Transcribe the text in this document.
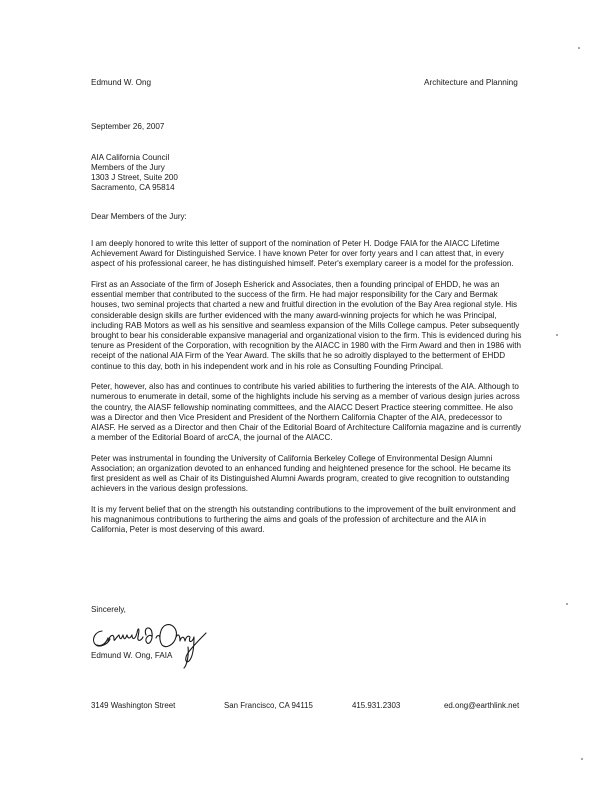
Edmund W. Ong	Architecture and Planning
September 26, 2007
AIA California Council
Members of the Jury
1303 J Street, Suite 200
Sacramento, CA 95814
Dear Members of the Jury:

I am deeply honored to write this letter of support of the nomination of Peter H. Dodge FAIA for the AIACC Lifetime Achievement Award for Distinguished Service. I have known Peter for over forty years and I can attest that, in every aspect of his professional career, he has distinguished himself. Peter's exemplary career is a model for the profession.

First as an Associate of the firm of Joseph Esherick and Associates, then a founding principal of EHDD, he was an essential member that contributed to the success of the firm. He had major responsibility for the Cary and Bermak houses, two seminal projects that charted a new and fruitful direction in the evolution of the Bay Area regional style. His considerable design skills are further evidenced with the many award-winning projects for which he was Principal, including RAB Motors as well as his sensitive and seamless expansion of the Mills College campus. Peter subsequently brought to bear his considerable expansive managerial and organizational vision to the firm. This is evidenced during his tenure as President of the Corporation, with recognition by the AIACC in 1980 with the Firm Award and then in 1986 with receipt of the national AIA Firm of the Year Award. The skills that he so adroitly displayed to the betterment of EHDD continue to this day, both in his independent work and in his role as Consulting Founding Principal.

Peter, however, also has and continues to contribute his varied abilities to furthering the interests of the AIA. Although to numerous to enumerate in detail, some of the highlights include his serving as a member of various design juries across the country, the AIASF fellowship nominating committees, and the AIACC Desert Practice steering committee. He also was a Director and then Vice President and President of the Northern California Chapter of the AIA, predecessor to AIASF. He served as a Director and then Chair of the Editorial Board of Architecture California magazine and is currently a member of the Editorial Board of arcCA, the journal of the AIACC.

Peter was instrumental in founding the University of California Berkeley College of Environmental Design Alumni Association; an organization devoted to an enhanced funding and heightened presence for the school. He became its first president as well as Chair of its Distinguished Alumni Awards program, created to give recognition to outstanding achievers in the various design professions.

It is my fervent belief that on the strength his outstanding contributions to the improvement of the built environment and his magnanimous contributions to furthering the aims and goals of the profession of architecture and the AIA in California, Peter is most deserving of this award.

Sincerely,
Edmund W. Ong, FAIA
3149 Washington Street	San Francisco, CA 94115	415.931.2303	ed.ong@earthlink.net
